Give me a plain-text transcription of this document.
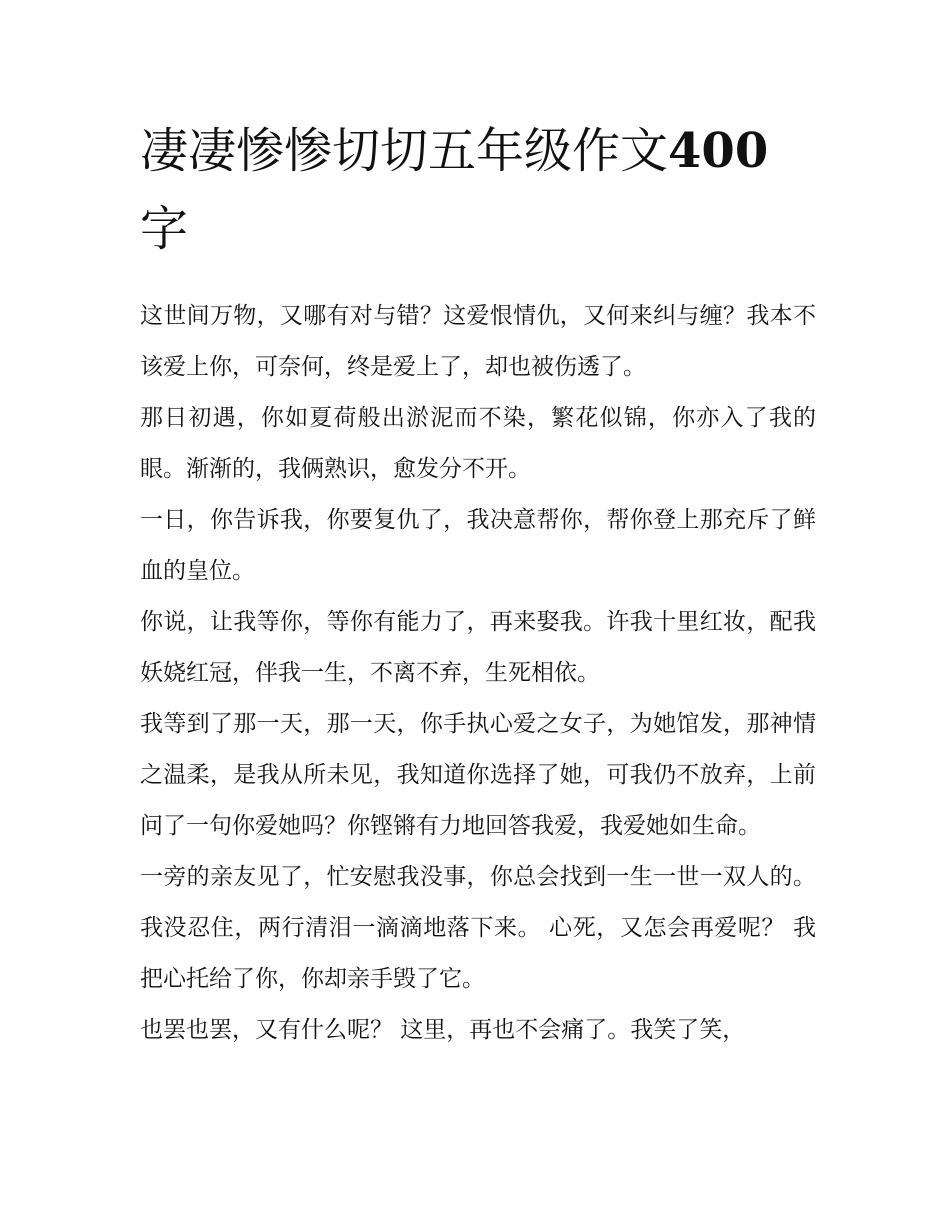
凄凄惨惨切切五年级作文400
字

这世间万物，又哪有对与错？这爱恨情仇，又何来纠与缠？我本不该爱上你，可奈何，终是爱上了，却也被伤透了。

那日初遇，你如夏荷般出淤泥而不染，繁花似锦，你亦入了我的眼。渐渐的，我俩熟识，愈发分不开。

一日，你告诉我，你要复仇了，我决意帮你，帮你登上那充斥了鲜血的皇位。

你说，让我等你，等你有能力了，再来娶我。许我十里红妆，配我妖娆红冠，伴我一生，不离不弃，生死相依。

我等到了那一天，那一天，你手执心爱之女子，为她馆发，那神情之温柔，是我从所未见，我知道你选择了她，可我仍不放弃，上前问了一句你爱她吗？你铿锵有力地回答我爱，我爱她如生命。

一旁的亲友见了，忙安慰我没事，你总会找到一生一世一双人的。 我没忍住，两行清泪一滴滴地落下来。 心死，又怎会再爱呢？ 我把心托给了你，你却亲手毁了它。

也罢也罢，又有什么呢？ 这里，再也不会痛了。我笑了笑，
